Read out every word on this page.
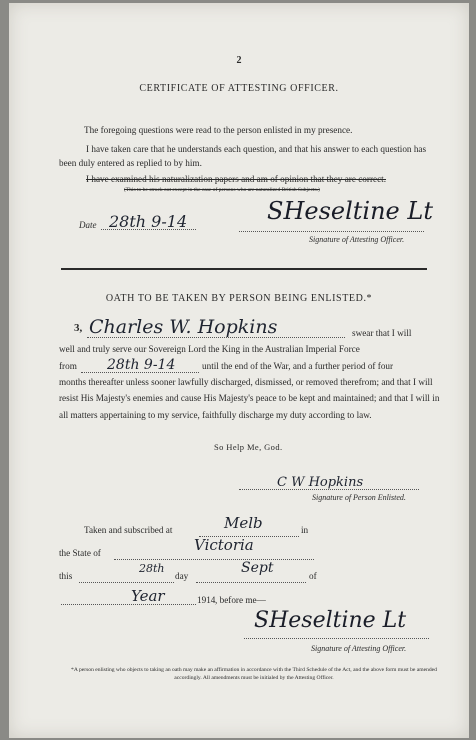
2
CERTIFICATE OF ATTESTING OFFICER.
The foregoing questions were read to the person enlisted in my presence.
I have taken care that he understands each question, and that his answer to each question has been duly entered as replied to by him.
I have examined his naturalization papers and am of opinion that they are correct.
(This to be struck out except in the case of persons who are naturalized British Subjects.)
Date 28th 9-14	SHeseltine Lt
Signature of Attesting Officer.
OATH TO BE TAKEN BY PERSON BEING ENLISTED.*
3, Charles W. Hopkins	swear that I will
well and truly serve our Sovereign Lord the King in the Australian Imperial Force
from 28th 9-14	until the end of the War, and a further period of four
months thereafter unless sooner lawfully discharged, dismissed, or removed therefrom; and that I will resist His Majesty's enemies and cause His Majesty's peace to be kept and maintained; and that I will in all matters appertaining to my service, faithfully discharge my duty according to law.
So Help Me, God.
C W Hopkins
Signature of Person Enlisted.
Taken and subscribed at	Melb	in
the State of	Victoria
this
28th
day	Sept	of
Year	1914 , before me—
SHeseltine Lt
Signature of Attesting Officer.
*A person enlisting who objects to taking an oath may make an affirmation in accordance with the Third Schedule of the Act, and the above form must be amended accordingly. All amendments must be initialed by the Attesting Officer.
